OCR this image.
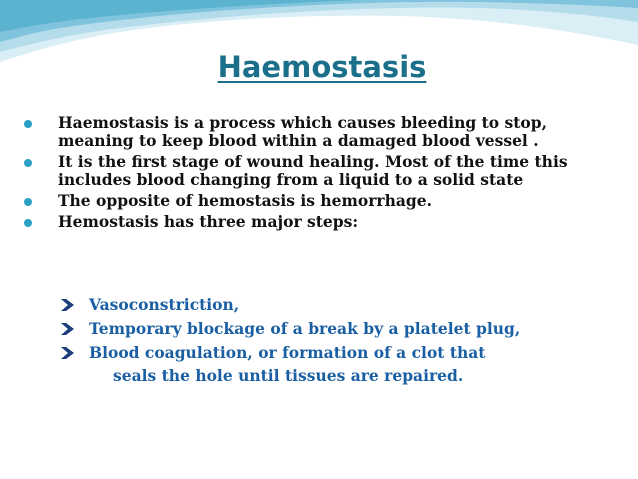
Haemostasis
Haemostasis is a process which causes bleeding to stop, meaning to keep blood within a damaged blood vessel .
It is the first stage of wound healing. Most of the time this includes blood changing from a liquid to a solid state
The opposite of hemostasis is hemorrhage.
Hemostasis has three major steps:
Vasoconstriction,
Temporary blockage of a break by a platelet plug,
Blood coagulation, or formation of a clot that
seals the hole until tissues are repaired.
